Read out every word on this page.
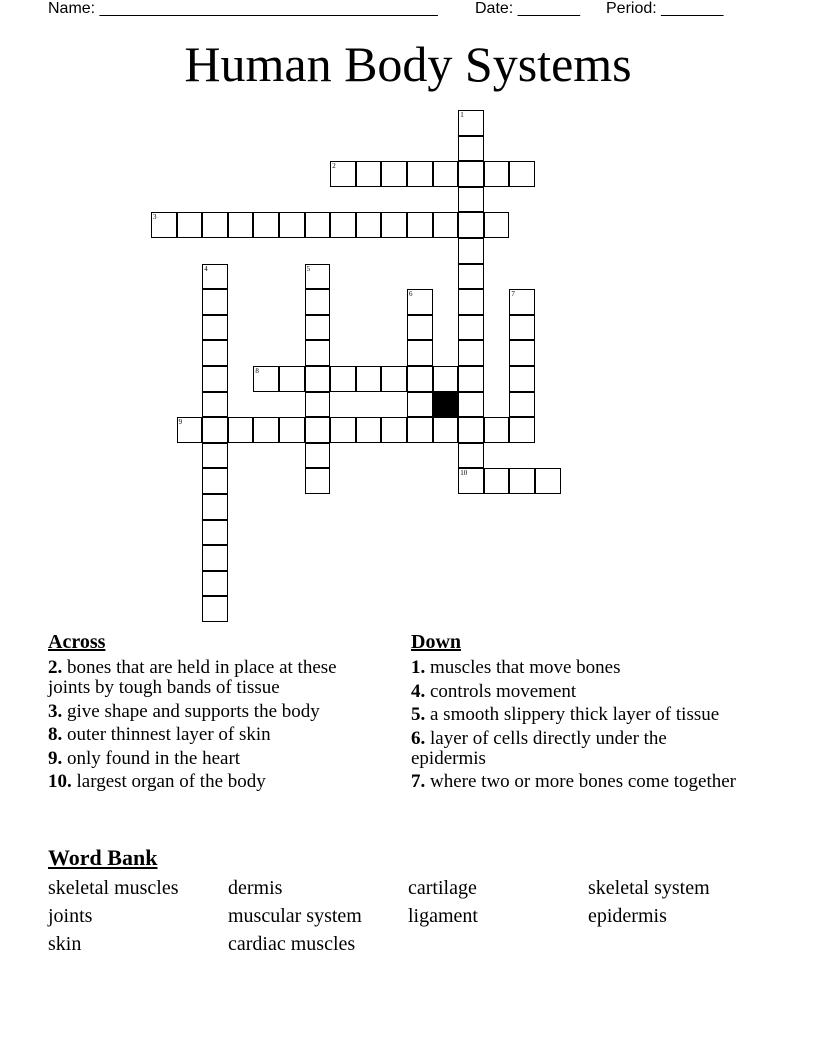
Name: ______________________________________ Date: _______ Period: _______
Human Body Systems
1
2
3
4	5
6	7
8
9
10
Across
2. bones that are held in place at these joints by tough bands of tissue
3. give shape and supports the body
8. outer thinnest layer of skin
9. only found in the heart
10. largest organ of the body
Down
1. muscles that move bones
4. controls movement
5. a smooth slippery thick layer of tissue
6. layer of cells directly under the epidermis
7. where two or more bones come together
Word Bank
skeletal muscles	dermis	cartilage	skeletal system
joints	muscular system	ligament	epidermis
skin	cardiac muscles
